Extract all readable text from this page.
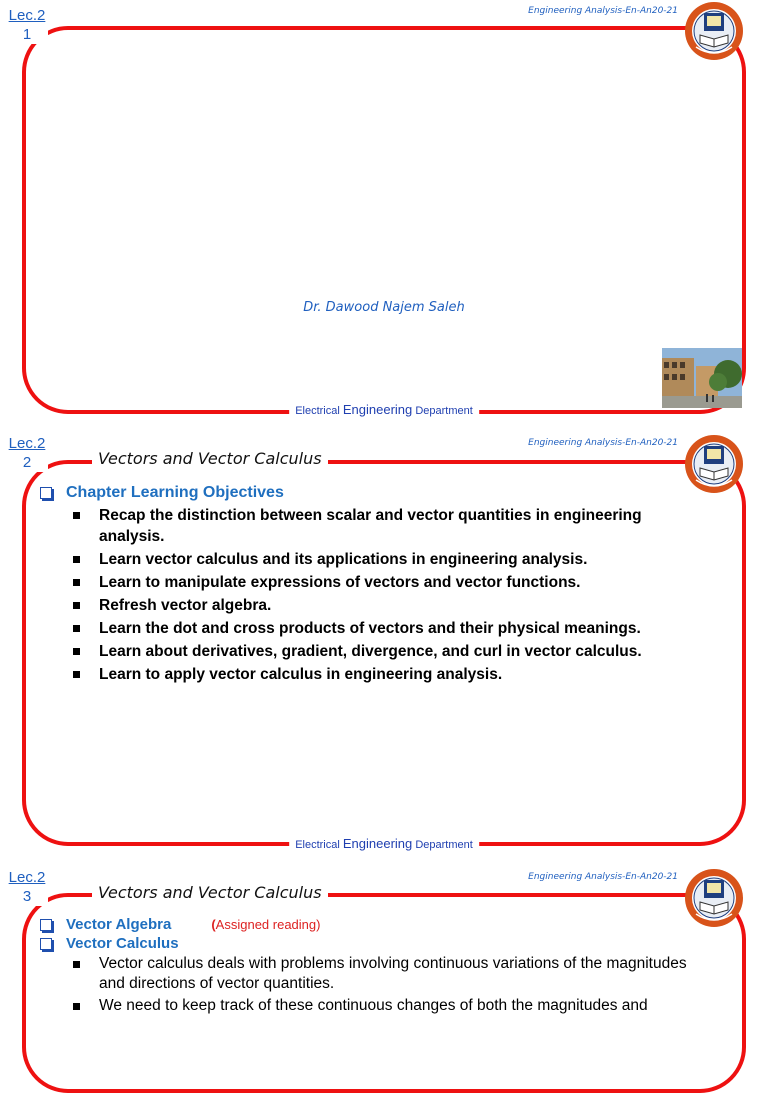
Lec.2
1
Engineering Analysis-En-An20-21
Dr. Dawood Najem Saleh
Electrical Engineering Department
Lec.2
2
Engineering Analysis-En-An20-21
Vectors and Vector Calculus
Chapter Learning Objectives
Recap the distinction between scalar and vector quantities in engineering analysis.
Learn vector calculus and its applications in engineering analysis.
Learn to manipulate expressions of vectors and vector functions.
Refresh vector algebra.
Learn the dot and cross products of vectors and their physical meanings.
Learn about derivatives, gradient, divergence, and curl in vector calculus.
Learn to apply vector calculus in engineering analysis.
Electrical Engineering Department
Lec.2
3
Engineering Analysis-En-An20-21
Vectors and Vector Calculus
Vector Algebra	(Assigned reading)
Vector Calculus
Vector calculus deals with problems involving continuous variations of the magnitudes and directions of vector quantities.
We need to keep track of these continuous changes of both the magnitudes and
